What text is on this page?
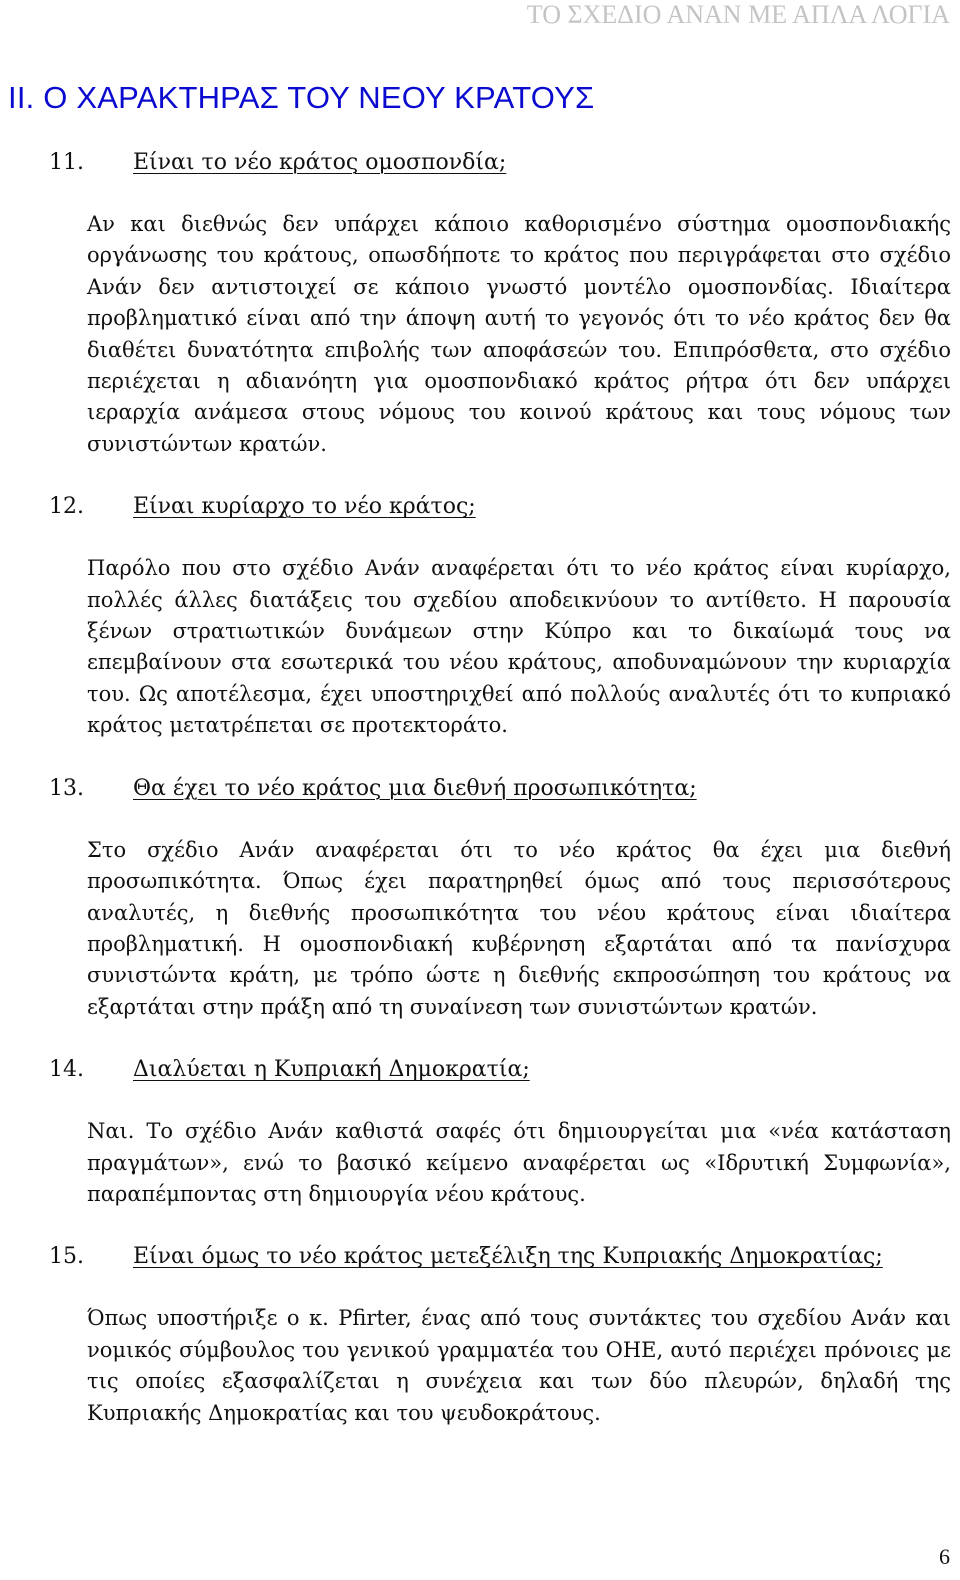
ΤΟ ΣΧΕΔΙΟ ΑΝΑΝ ΜΕ ΑΠΛΑ ΛΟΓΙΑ
ΙΙ. Ο ΧΑΡΑΚΤΗΡΑΣ ΤΟΥ ΝΕΟΥ ΚΡΑΤΟΥΣ
11. Είναι το νέο κράτος ομοσπονδία;

Αν και διεθνώς δεν υπάρχει κάποιο καθορισμένο σύστημα ομοσπονδιακής οργάνωσης του κράτους, οπωσδήποτε το κράτος που περιγράφεται στο σχέδιο Ανάν δεν αντιστοιχεί σε κάποιο γνωστό μοντέλο ομοσπονδίας. Ιδιαίτερα προβληματικό είναι από την άποψη αυτή το γεγονός ότι το νέο κράτος δεν θα διαθέτει δυνατότητα επιβολής των αποφάσεών του. Επιπρόσθετα, στο σχέδιο περιέχεται η αδιανόητη για ομοσπονδιακό κράτος ρήτρα ότι δεν υπάρχει ιεραρχία ανάμεσα στους νόμους του κοινού κράτους και τους νόμους των συνιστώντων κρατών.

12. Είναι κυρίαρχο το νέο κράτος;

Παρόλο που στο σχέδιο Ανάν αναφέρεται ότι το νέο κράτος είναι κυρίαρχο, πολλές άλλες διατάξεις του σχεδίου αποδεικνύουν το αντίθετο. Η παρουσία ξένων στρατιωτικών δυνάμεων στην Κύπρο και το δικαίωμά τους να επεμβαίνουν στα εσωτερικά του νέου κράτους, αποδυναμώνουν την κυριαρχία του. Ως αποτέλεσμα, έχει υποστηριχθεί από πολλούς αναλυτές ότι το κυπριακό κράτος μετατρέπεται σε προτεκτοράτο.

13. Θα έχει το νέο κράτος μια διεθνή προσωπικότητα;

Στο σχέδιο Ανάν αναφέρεται ότι το νέο κράτος θα έχει μια διεθνή προσωπικότητα. Όπως έχει παρατηρηθεί όμως από τους περισσότερους αναλυτές, η διεθνής προσωπικότητα του νέου κράτους είναι ιδιαίτερα προβληματική. Η ομοσπονδιακή κυβέρνηση εξαρτάται από τα πανίσχυρα συνιστώντα κράτη, με τρόπο ώστε η διεθνής εκπροσώπηση του κράτους να εξαρτάται στην πράξη από τη συναίνεση των συνιστώντων κρατών.

14. Διαλύεται η Κυπριακή Δημοκρατία;

Ναι. Το σχέδιο Ανάν καθιστά σαφές ότι δημιουργείται μια «νέα κατάσταση πραγμάτων», ενώ το βασικό κείμενο αναφέρεται ως «Ιδρυτική Συμφωνία», παραπέμποντας στη δημιουργία νέου κράτους.

15. Είναι όμως το νέο κράτος μετεξέλιξη της Κυπριακής Δημοκρατίας;

Όπως υποστήριξε ο κ. Pfirter, ένας από τους συντάκτες του σχεδίου Ανάν και νομικός σύμβουλος του γενικού γραμματέα του ΟΗΕ, αυτό περιέχει πρόνοιες με τις οποίες εξασφαλίζεται η συνέχεια και των δύο πλευρών, δηλαδή της Κυπριακής Δημοκρατίας και του ψευδοκράτους.

6
